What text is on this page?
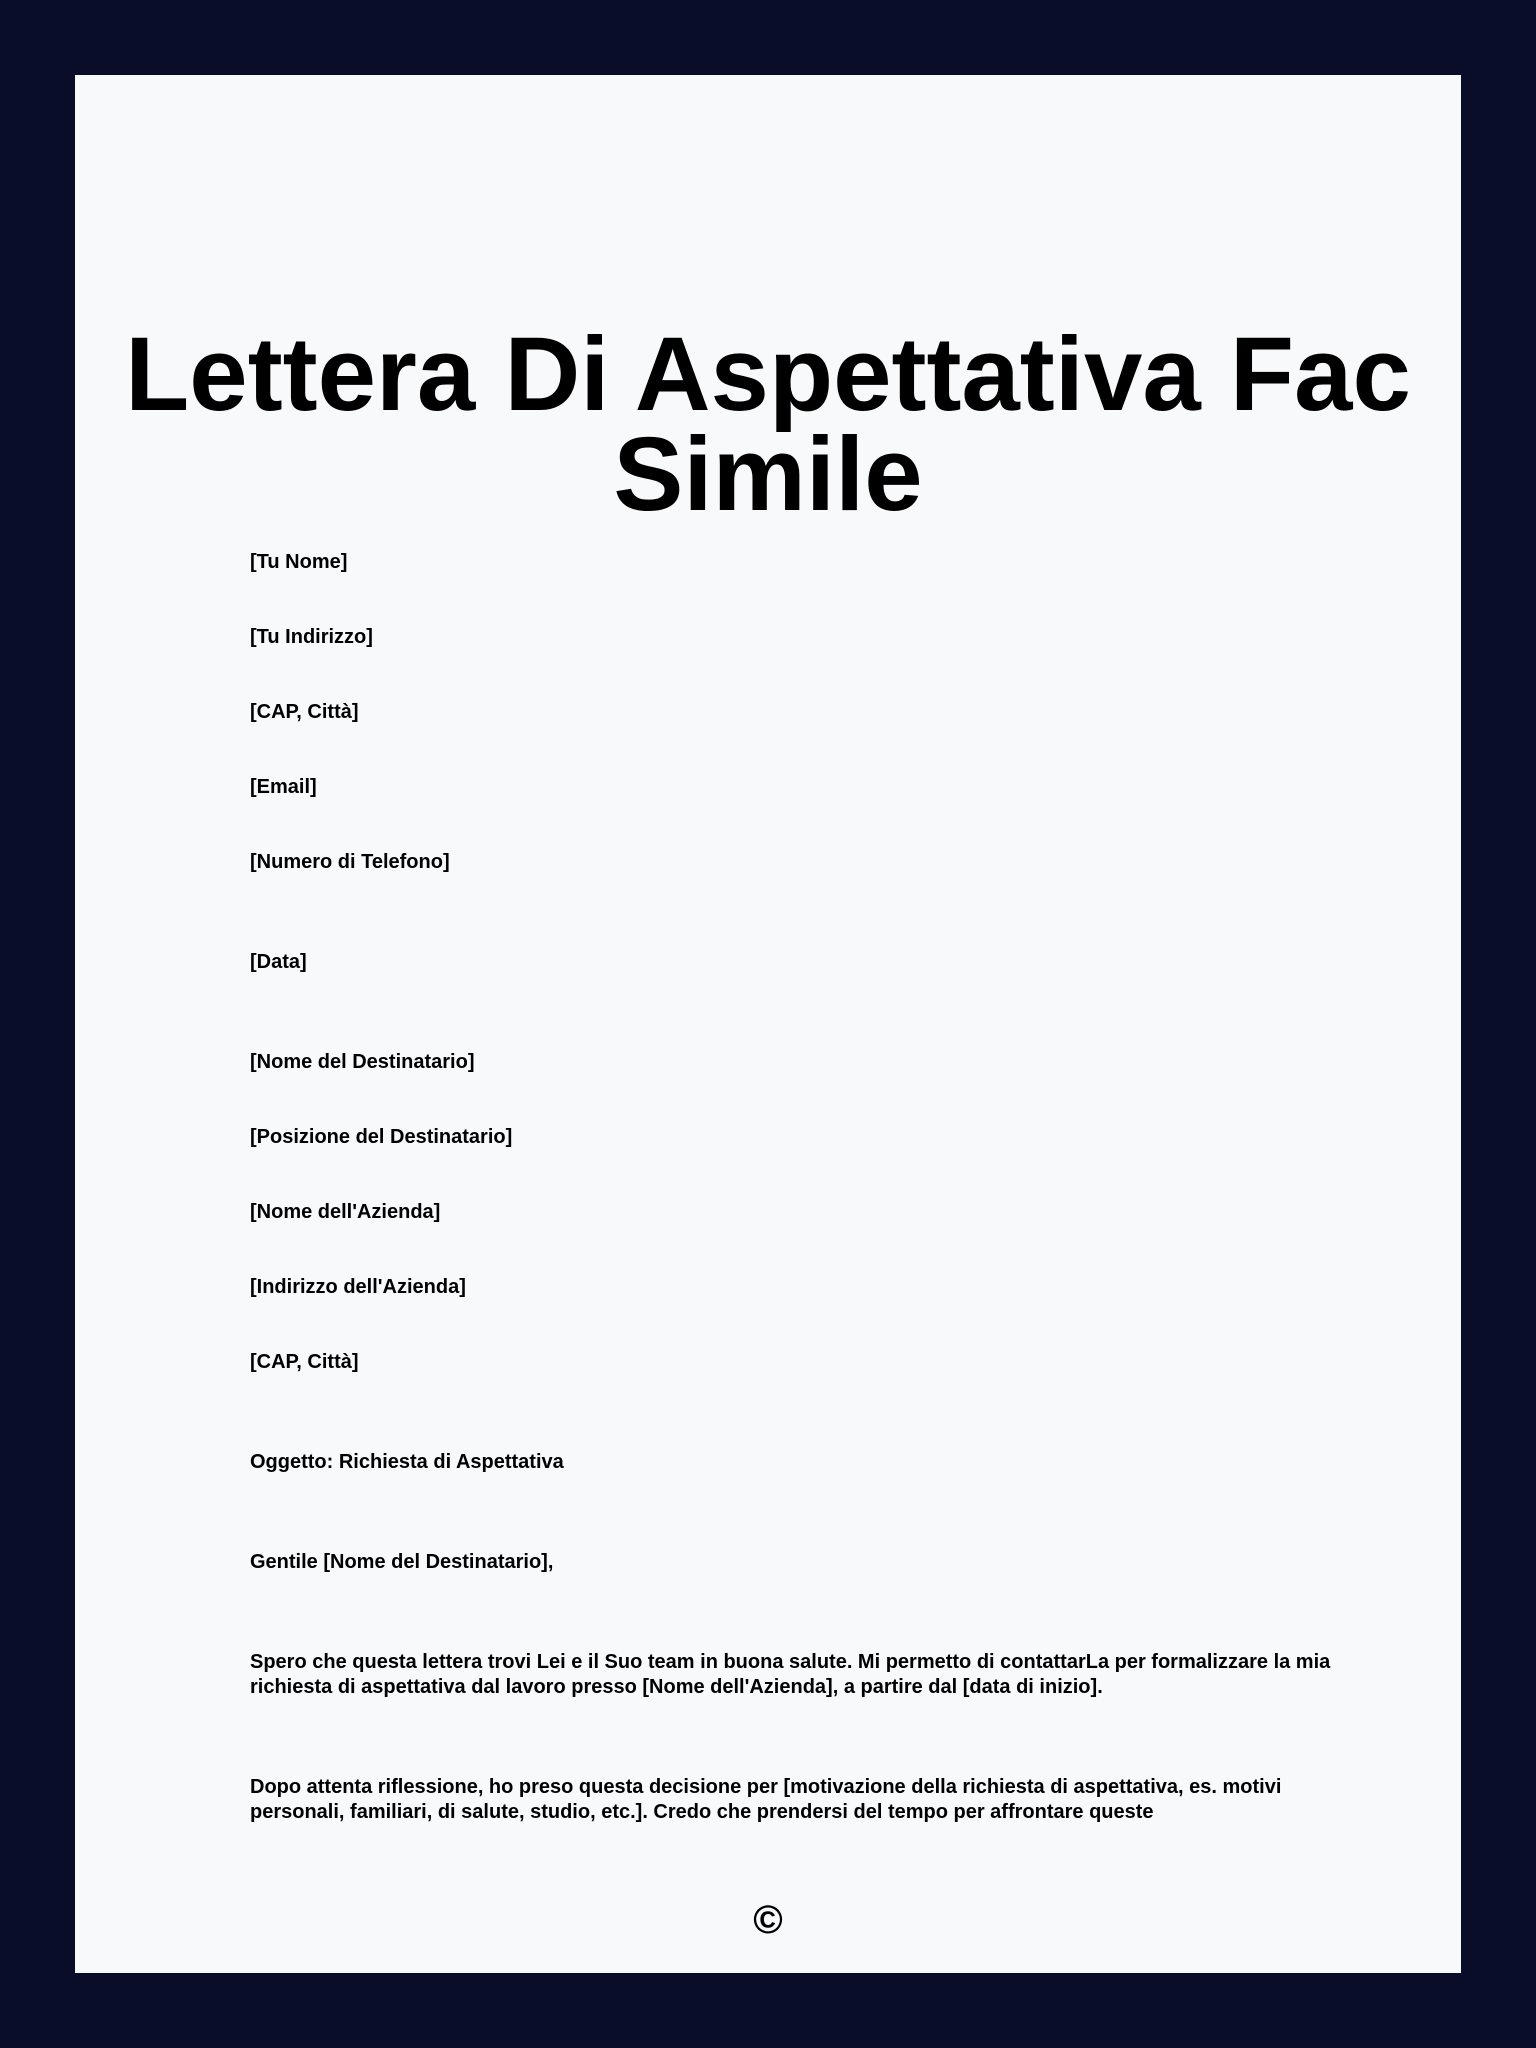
Lettera Di Aspettativa Fac Simile

[Tu Nome]

[Tu Indirizzo]

[CAP, Città]

[Email]

[Numero di Telefono]

[Data]

[Nome del Destinatario]

[Posizione del Destinatario]

[Nome dell'Azienda]

[Indirizzo dell'Azienda]

[CAP, Città]

Oggetto: Richiesta di Aspettativa

Gentile [Nome del Destinatario],

Spero che questa lettera trovi Lei e il Suo team in buona salute. Mi permetto di contattarLa per formalizzare la mia richiesta di aspettativa dal lavoro presso [Nome dell'Azienda], a partire dal [data di inizio].

Dopo attenta riflessione, ho preso questa decisione per [motivazione della richiesta di aspettativa, es. motivi personali, familiari, di salute, studio, etc.]. Credo che prendersi del tempo per affrontare queste

©
